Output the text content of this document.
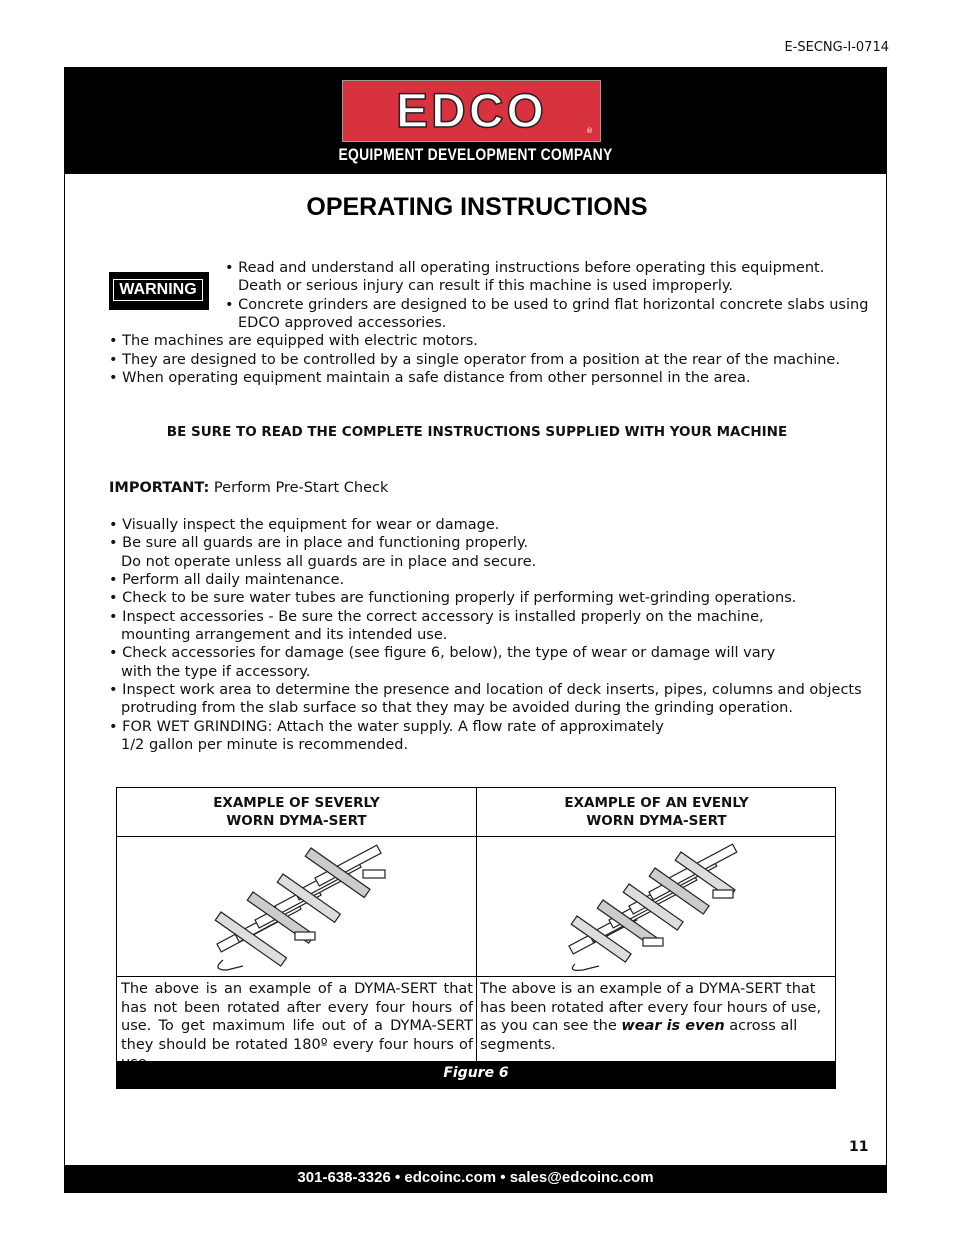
E-SECNG-I-0714
EDCO	®
EQUIPMENT DEVELOPMENT COMPANY
301-638-3326 • edcoinc.com • sales@edcoinc.com
OPERATING INSTRUCTIONS
WARNING
• Read and understand all operating instructions before operating this equipment.
Death or serious injury can result if this machine is used improperly.
• Concrete grinders are designed to be used to grind flat horizontal concrete slabs using
EDCO approved accessories.
• The machines are equipped with electric motors.
• They are designed to be controlled by a single operator from a position at the rear of the machine.
• When operating equipment maintain a safe distance from other personnel in the area.
BE SURE TO READ THE COMPLETE INSTRUCTIONS SUPPLIED WITH YOUR MACHINE
IMPORTANT: Perform Pre-Start Check
• Visually inspect the equipment for wear or damage.
• Be sure all guards are in place and functioning properly.
Do not operate unless all guards are in place and secure.
• Perform all daily maintenance.
• Check to be sure water tubes are functioning properly if performing wet-grinding operations.
• Inspect accessories - Be sure the correct accessory is installed properly on the machine,
mounting arrangement and its intended use.
• Check accessories for damage (see figure 6, below), the type of wear or damage will vary
with the type if accessory.
• Inspect work area to determine the presence and location of deck inserts, pipes, columns and objects
protruding from the slab surface so that they may be avoided during the grinding operation.
• FOR WET GRINDING: Attach the water supply. A flow rate of approximately
1/2 gallon per minute is recommended.
EXAMPLE OF SEVERLY
WORN DYMA-SERT
EXAMPLE OF AN EVENLY
WORN DYMA-SERT
The above is an example of a DYMA-SERT that has not been rotated after every four hours of use. To get maximum life out of a DYMA-SERT they should be rotated 180º every four hours of
The above is an example of a DYMA-SERT that has been rotated after every four hours of use, as you can see the wear is even across all segments.
Figure 6
11
